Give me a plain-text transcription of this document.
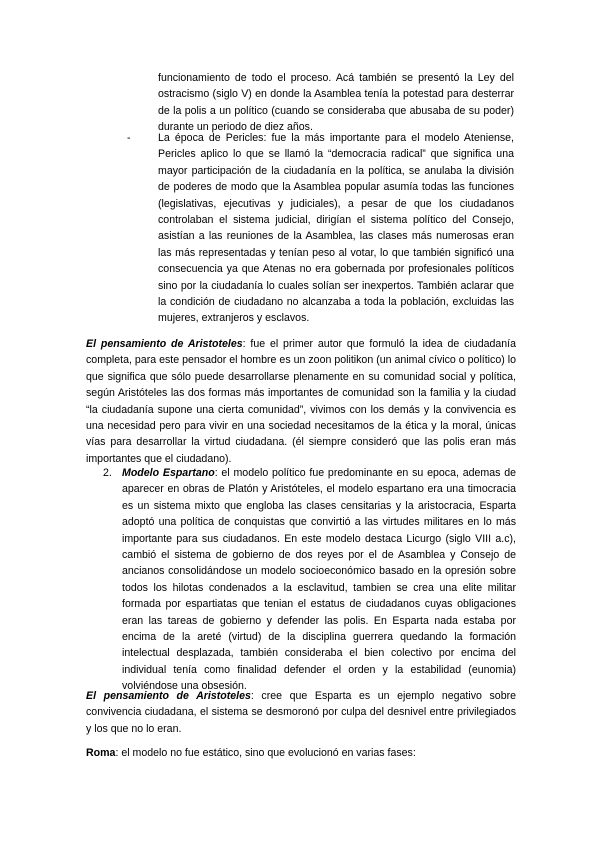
funcionamiento de todo el proceso. Acá también se presentó la Ley del ostracismo (siglo V) en donde la Asamblea tenía la potestad para desterrar de la polis a un político (cuando se consideraba que abusaba de su poder) durante un periodo de diez años.

-	La época de Pericles: fue la más importante para el modelo Ateniense, Pericles aplico lo que se llamó la “democracia radical” que significa una mayor participación de la ciudadanía en la política, se anulaba la división de poderes de modo que la Asamblea popular asumía todas las funciones (legislativas, ejecutivas y judiciales), a pesar de que los ciudadanos controlaban el sistema judicial, dirigían el sistema político del Consejo, asistían a las reuniones de la Asamblea, las clases más numerosas eran las más representadas y tenían peso al votar, lo que también significó una consecuencia ya que Atenas no era gobernada por profesionales políticos sino por la ciudadanía lo cuales solían ser inexpertos. También aclarar que la condición de ciudadano no alcanzaba a toda la población, excluidas las mujeres, extranjeros y esclavos.

El pensamiento de Aristoteles: fue el primer autor que formuló la idea de ciudadanía completa, para este pensador el hombre es un zoon politikon (un animal cívico o político) lo que significa que sólo puede desarrollarse plenamente en su comunidad social y política, según Aristóteles las dos formas más importantes de comunidad son la familia y la ciudad “la ciudadanía supone una cierta comunidad”, vivimos con los demás y la convivencia es una necesidad pero para vivir en una sociedad necesitamos de la ética y la moral, únicas vías para desarrollar la virtud ciudadana. (él siempre consideró que las polis eran más importantes que el ciudadano).

2. Modelo Espartano: el modelo político fue predominante en su epoca, ademas de aparecer en obras de Platón y Aristóteles, el modelo espartano era una timocracia es un sistema mixto que engloba las clases censitarias y la aristocracia, Esparta adoptó una política de conquistas que convirtió a las virtudes militares en lo más importante para sus ciudadanos. En este modelo destaca Licurgo (siglo VIII a.c), cambió el sistema de gobierno de dos reyes por el de Asamblea y Consejo de ancianos consolidándose un modelo socioeconómico basado en la opresión sobre todos los hilotas condenados a la esclavitud, tambien se crea una elite militar formada por espartiatas que tenian el estatus de ciudadanos cuyas obligaciones eran las tareas de gobierno y defender las polis. En Esparta nada estaba por encima de la areté (virtud) de la disciplina guerrera quedando la formación intelectual desplazada, también consideraba el bien colectivo por encima del individual tenía como finalidad defender el orden y la estabilidad (eunomia) volviéndose una obsesión.

El pensamiento de Aristoteles: cree que Esparta es un ejemplo negativo sobre convivencia ciudadana, el sistema se desmoronó por culpa del desnivel entre privilegiados y los que no lo eran.

Roma: el modelo no fue estático, sino que evolucionó en varias fases:
